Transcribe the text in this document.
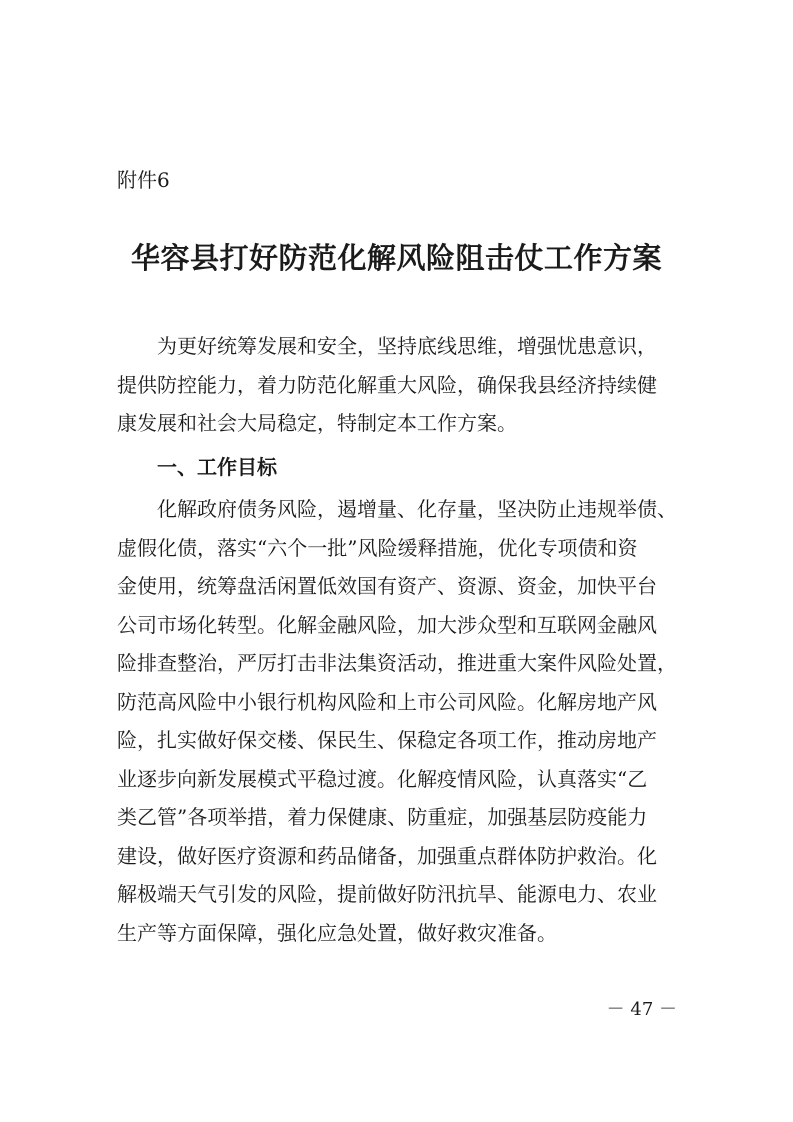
附件6
华容县打好防范化解风险阻击仗工作方案
为更好统筹发展和安全，坚持底线思维，增强忧患意识，
提供防控能力，着力防范化解重大风险，确保我县经济持续健
康发展和社会大局稳定，特制定本工作方案。
一、工作目标
化解政府债务风险，遏增量、化存量，坚决防止违规举债、
虚假化债，落实“六个一批”风险缓释措施，优化专项债和资
金使用，统筹盘活闲置低效国有资产、资源、资金，加快平台
公司市场化转型。化解金融风险，加大涉众型和互联网金融风
险排查整治，严厉打击非法集资活动，推进重大案件风险处置，
防范高风险中小银行机构风险和上市公司风险。化解房地产风
险，扎实做好保交楼、保民生、保稳定各项工作，推动房地产
业逐步向新发展模式平稳过渡。化解疫情风险，认真落实“乙
类乙管”各项举措，着力保健康、防重症，加强基层防疫能力
建设，做好医疗资源和药品储备，加强重点群体防护救治。化
解极端天气引发的风险，提前做好防汛抗旱、能源电力、农业
生产等方面保障，强化应急处置，做好救灾准备。
－ 47 －
